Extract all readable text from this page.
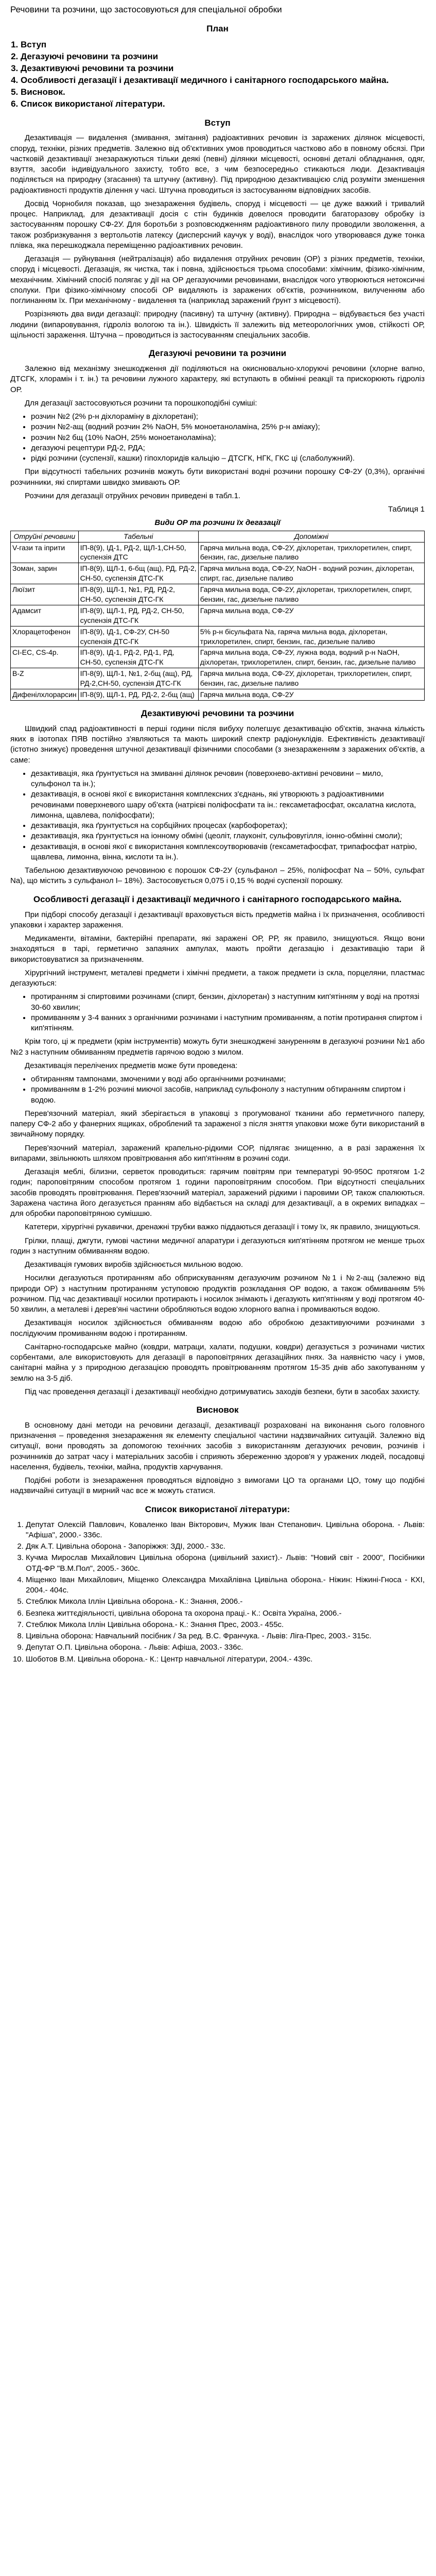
Речовини та розчини, що застосовуються для спеціальної обробки
План
1. Вступ
2. Дегазуючі речовини та розчини
3. Дезактивуючі речовини та розчини
4. Особливості дегазації і дезактивації медичного і санітарного господарського майна.
5. Висновок.
6. Список використаної літератури.
Вступ

Дезактивація — видалення (змивання, змітання) радіоактивних речовин із заражених ділянок місцевості, споруд, техніки, різних предметів. Залежно від об'єктивних умов проводиться частково або в повному обсязі. При частковій дезактивації знезаражуються тільки деякі (певні) ділянки місцевості, основні деталі обладнання, одяг, взуття, засоби індивідуального захисту, тобто все, з чим безпосередньо стикаються люди. Дезактивація поділяється на природну (згасання) та штучну (активну). Під природною дезактивацією слід розуміти зменшення радіоактивності продуктів ділення у часі. Штучна проводиться із застосуванням відповідних засобів.

Досвід Чорнобиля показав, що знезараження будівель, споруд і місцевості — це дуже важкий і тривалий процес. Наприклад, для дезактивації досія с стін будинків довелося проводити багаторазову обробку із застосуванням порошку СФ-2У. Для боротьби з розповсюдженням радіоактивного пилу проводили зволоження, а також розбризкування з вертольотів латексу (дисперсний каучук у воді), внаслідок чого утворювався дуже тонка плівка, яка перешкоджала переміщенню радіоактивних речовин.

Дегазація — руйнування (нейтралізація) або видалення отруйних речовин (ОР) з різних предметів, техніки, споруд і місцевості. Дегазація, як чистка, так і повна, здійснюється трьома способами: хімічним, фізико-хімічним, механічним. Хімічний спосіб полягає у дії на ОР дегазуючими речовинами, внаслідок чого утворюються нетоксичні сполуки. При фізико-хімічному способі ОР видаляють із заражених об'єктів, розчинником, вилученням або поглинанням їх. При механічному - видалення та (наприклад заражений ґрунт з місцевості).

Розрізняють два види дегазації: природну (пасивну) та штучну (активну). Природна – відбувається без участі людини (випаровування, гідроліз вологою та ін.). Швидкість її залежить від метеорологічних умов, стійкості ОР, щільності зараження. Штучна – проводиться із застосуванням спеціальних засобів.

Дегазуючі речовини та розчини

Залежно від механізму знешкодження дії поділяються на окиснювально-хлоруючі речовини (хлорне вапно, ДТСГК, хлорамін і т. ін.) та речовини лужного характеру, які вступають в обмінні реакції та прискорюють гідроліз ОР.

Для дегазації застосовуються розчини та порошкоподібні суміші:

• розчин №2 (2% р-н діхлораміну в діхлоретані);
• розчин №2-ащ (водний розчин 2% NaOH, 5% моноетаноламіна, 25% р-н аміаку);
• розчин №2 бщ (10% NaOH, 25% моноетаноламіна);
• дегазуючі рецептури РД-2, РДА;
• рідкі розчини (суспензії, кашки) гіпохлоридів кальцію – ДТСГК, НГК, ГКС ці (слаболужний).

При відсутності табельних розчинів можуть бути використані водні розчини порошку СФ-2У (0,3%), органічні розчинники, які спиртами швидко змивають ОР.

Розчини для дегазації отруйних речовин приведені в табл.1.

Таблиця 1

Види ОР та розчини їх дегазації
Отруйні речовини	Табельні	Допоміжні
V-гази та іприти	ІП-8(9), ІД-1, РД-2, ЩЛ-1,СН-50, суспензія ДТС	Гаряча мильна вода, СФ-2У, діхлоретан, трихлоретилен, спирт, бензин, гас, дизельне паливо
Зоман, зарин	ІП-8(9), ЩЛ-1, 6-бщ (ащ), РД, РД-2, СН-50, суспензія ДТС-ГК	Гаряча мильна вода, СФ-2У, NaOH - водний розчин, діхлоретан, спирт, гас, дизельне паливо
Люїзит	ІП-8(9), ЩЛ-1, №1, РД, РД-2, СН-50, суспензія ДТС-ГК	Гаряча мильна вода, СФ-2У, діхлоретан, трихлоретилен, спирт, бензин, гас, дизельне паливо
Адамсит	ІП-8(9), ЩЛ-1, РД, РД-2, СН-50, суспензія ДТС-ГК	Гаряча мильна вода, СФ-2У
Хлорацетофенон	ІП-8(9), ІД-1, СФ-2У, СН-50 суспензія ДТС-ГК	5% р-н бісульфата Na, гаряча мильна вода, діхлоретан, трихлоретилен, спирт, бензин, гас, дизельне паливо
CI-EC, CS-4р.	ІП-8(9), ІД-1, РД-2, РД-1, РД, СН-50, суспензія ДТС-ГК	Гаряча мильна вода, СФ-2У, лужна вода, водний р-н NaOH, діхлоретан, трихлоретилен, спирт, бензин, гас, дизельне паливо
В-Z	ІП-8(9), ЩЛ-1, №1, 2-бщ (ащ), РД, РД-2,СН-50, суспензія ДТС-ГК	Гаряча мильна вода, СФ-2У, діхлоретан, трихлоретилен, спирт, бензин, гас, дизельне паливо
Дифенілхлорарсин	ІП-8(9), ЩЛ-1, РД, РД-2, 2-бщ (ащ)	Гаряча мильна вода, СФ-2У
Дезактивуючі речовини та розчини

Швидкий спад радіоактивності в перші години після вибуху полегшує дезактивацію об'єктів, значна кількість яких в ізотопах ПЯВ постійно з'являються та мають широкий спектр радіонуклідів. Ефективність дезактивації (істотно знижує) проведення штучної дезактивації фізичними способами (з знезараженням з заражених об'єктів, а саме:

• дезактивація, яка ґрунтується на змиванні ділянок речовин (поверхнево-активні речовини – мило, сульфонол та ін.);
• дезактивація, в основі якої є використання комплексних з'єднань, які утворюють з радіоактивними речовинами поверхневого шару об'єкта (натрієві поліфосфати та ін.: гексаметафосфат, оксалатна кислота, лимонна, щавлева, поліфосфати);
• дезактивація, яка ґрунтується на сорбційних процесах (карбофоретах);
• дезактивація, яка ґрунтується на іонному обміні (цеоліт, глауконіт, сульфовугілля, іонно-обмінні смоли);
• дезактивація, в основі якої є використання комплексоутворювачів (гексаметафосфат, трипафосфат натрію, щавлева, лимонна, вінна, кислоти та ін.).

Табельною дезактивуючою речовиною є порошок СФ-2У (сульфанол – 25%, поліфосфат Na – 50%, сульфат Na), що містить з сульфанол І– 18%). Застосовується 0,075 і 0,15 % водні суспензії порошку.

Особливості дегазації і дезактивації медичного і санітарного господарського майна.

При підборі способу дегазації і дезактивації враховується вість предметів майна і їх призначення, особливості упаковки і характер зараження.

Медикаменти, вітаміни, бактерійні препарати, які заражені ОР, РР, як правило, знищуються. Якщо вони знаходяться в тарі, герметично запаяних ампулах, мають пройти дегазацію і дезактивацію тари й використовуватися за призначенням.

Хірургічний інструмент, металеві предмети і хімічні предмети, а також предмети із скла, порцеляни, пластмас дегазуються:

• протиранням зі спиртовими розчинами (спирт, бензин, діхлоретан) з наступним кип'ятінням у воді на протязі 30-60 хвилин;
• промиванням у 3-4 ванних з органічними розчинами і наступним промиванням, а потім протирання спиртом і кип'ятінням.

Крім того, ці ж предмети (крім інструментів) можуть бути знешкоджені зануренням в дегазуючі розчини №1 або №2 з наступним обмиванням предметів гарячою водою з милом.

Дезактивація перелічених предметів може бути проведена:

• обтиранням тампонами, змоченими у воді або органічними розчинами;
• промиванням в 1-2% розчині миючої засобів, наприклад сульфонолу з наступним обтиранням спиртом і водою.

Перев'язочний матеріал, який зберігається в упаковці з прогумованої тканини або герметичного паперу, паперу СФ-2 або у фанерних ящиках, оброблений та зараженої з після зняття упаковки може бути використаний в звичайному порядку.

Перев'язочний матеріал, заражений крапельно-рідкими СОР, підлягає знищенню, а в разі зараження їх випарами, звільнюють шляхом провітрювання або кип'ятінням в розчині соди.

Дегазація меблі, білизни, серветок проводиться: гарячим повітрям при температурі 90-950С протягом 1-2 годин; пароповітряним способом протягом 1 години пароповітряним способом. При відсутності спеціальних засобів проводять провітрювання. Перев'язочний матеріал, заражений рідкими і паровими ОР, також спалюються. Заражена частина його дегазується пранням або відбається на складі для дезактивації, а в окремих випадках – для обробки пароповітряною сумішшю.

Катетери, хірургічні рукавички, дренажні трубки важко піддаються дегазації і тому їх, як правило, знищуються.

Грілки, плащі, джгути, гумові частини медичної апаратури і дегазуються кип'ятінням протягом не менше трьох годин з наступним обмиванням водою.

Дезактивація гумових виробів здійснюється мильною водою.

Носилки дегазуються протиранням або обприскуванням дегазуючим розчином №1 і №2-ащ (залежно від природи ОР) з наступним протиранням уступовою продуктів розкладання ОР водою, а також обмиванням 5% розчином. Під час дезактивації носилки протирають і носилок знімають і дегазують кип'ятінням у воді протягом 40-50 хвилин, а металеві і дерев'яні частини обробляються водою хлорного вапна і промиваються водою.

Дезактивація носилок здійснюється обмиванням водою або обробкою дезактивуючими розчинами з послідуючим промиванням водою і протиранням.

Санітарно-господарське майно (ковдри, матраци, халати, подушки, ковдри) дегазується з розчинами чистих сорбентами, але використовують для дегазації в пароповітряних дегазаційних пнях. За наявністю часу і умов, санітарні майна у з природною дегазацією проводять провітрюванням протягом 15-35 днів або закопуванням у землю на 3-5 діб.

Під час проведення дегазації і дезактивації необхідно дотримуватись заходів безпеки, бути в засобах захисту.

Висновок

В основному дані методи на речовини дегазації, дезактивації розраховані на виконання сього головного призначення – проведення знезараження як елементу спеціальної частини надзвичайних ситуацій. Залежно від ситуації, вони проводять за допомогою технічних засобів з використанням дегазуючих речовин, розчинів і розчинників до затрат часу і матеріальних засобів і сприяють збереженню здоров'я у уражених людей, посадовці населення, будівель, техніки, майна, продуктів харчування.

Подібні роботи із знезараження проводяться відповідно з вимогами ЦО та органами ЦО, тому що подібні надзвичайні ситуації в мирний час все ж можуть статися.

Список використаної літератури:
1. Депутат Олексій Павлович, Коваленко Іван Вікторович, Мужик Іван Степанович. Цивільна оборона. - Львів: "Афіша", 2000.- 336с.
2. Дяк А.Т. Цивільна оборона - Запоріжжя: ЗДІ, 2000.- 33с.
3. Кучма Мирослав Михайлович Цивільна оборона (цивільний захист).- Львів: "Новий світ - 2000", Посібники ОТД-ФР "В.М.Пол", 2005.- 360с.
4. Міщенко Іван Михайлович, Міщенко Олександра Михайлівна Цивільна оборона.- Ніжин: Ніжині-Гноса - КХІ, 2004.- 404с.
5. Стеблюк Микола Іллін Цивільна оборона.- К.: Знання, 2006.-
6. Безпека життєдіяльності, цивільна оборона та охорона праці.- К.: Освіта Україна, 2006.-
7. Стеблюк Микола Іллін Цивільна оборона.- К.: Знання Прес, 2003.- 455с.
8. Цивільна оборона: Навчальний посібник / За ред. В.С. Франчука. - Львів: Ліга-Прес, 2003.- 315с.
9. Депутат О.П. Цивільна оборона. - Львів: Афіша, 2003.- 336с.
10. Шоботов В.М. Цивільна оборона.- К.: Центр навчальної літератури, 2004.- 439с.
